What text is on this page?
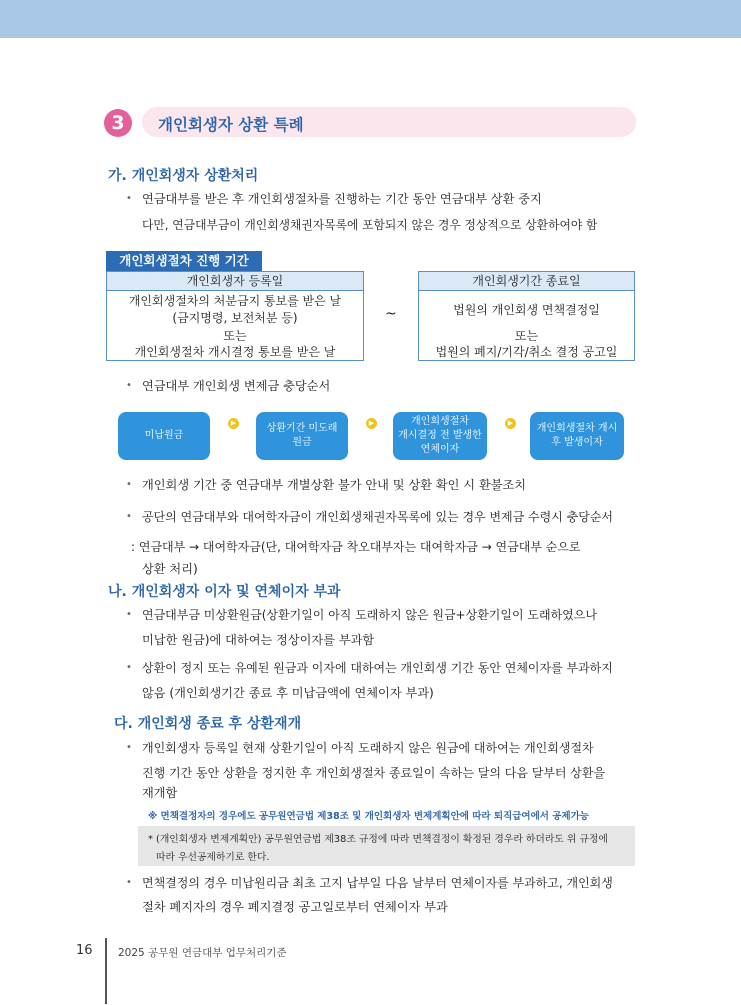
3	개인회생자 상환 특례
가. 개인회생자 상환처리
• 연금대부를 받은 후 개인회생절차를 진행하는 기간 동안 연금대부 상환 중지
다만, 연금대부금이 개인회생채권자목록에 포함되지 않은 경우 정상적으로 상환하여야 함
개인회생절차 진행 기간
개인회생자 등록일
개인회생절차의 처분금지 통보를 받은 날
(금지명령, 보전처분 등)
또는
개인회생절차 개시결정 통보를 받은 날
~
개인회생기간 종료일
법원의 개인회생 면책결정일
또는
법원의 폐지/기각/취소 결정 공고일
• 연금대부 개인회생 변제금 충당순서
미납원금
▶	상환기간 미도래
원금
▶	개인회생절차
개시결정 전 발생한
연체이자
▶ 개인회생절차 개시
후 발생이자
• 개인회생 기간 중 연금대부 개별상환 불가 안내 및 상환 확인 시 환불조치
• 공단의 연금대부와 대여학자금이 개인회생채권자목록에 있는 경우 변제금 수령시 충당순서
: 연금대부 → 대여학자금(단, 대여학자금 착오대부자는 대여학자금 → 연금대부 순으로
상환 처리)
나. 개인회생자 이자 및 연체이자 부과
• 연금대부금 미상환원금(상환기일이 아직 도래하지 않은 원금+상환기일이 도래하였으나
미납한 원금)에 대하여는 정상이자를 부과함
• 상환이 정지 또는 유예된 원금과 이자에 대하여는 개인회생 기간 동안 연체이자를 부과하지
않음 (개인회생기간 종료 후 미납금액에 연체이자 부과)
다. 개인회생 종료 후 상환재개
• 개인회생자 등록일 현재 상환기일이 아직 도래하지 않은 원금에 대하여는 개인회생절차
진행 기간 동안 상환을 정지한 후 개인회생절차 종료일이 속하는 달의 다음 달부터 상환을
재개함
※ 면책결정자의 경우에도 공무원연금법 제38조 및 개인회생자 변제계획안에 따라 퇴직급여에서 공제가능
* (개인회생자 변제계획안) 공무원연금법 제38조 규정에 따라 면책결정이 확정된 경우라 하더라도 위 규정에
따라 우선공제하기로 한다.
• 면책결정의 경우 미납원리금 최초 고지 납부일 다음 날부터 연체이자를 부과하고, 개인회생
절차 폐지자의 경우 폐지결정 공고일로부터 연체이자 부과
16 2025 공무원 연금대부 업무처리기준
